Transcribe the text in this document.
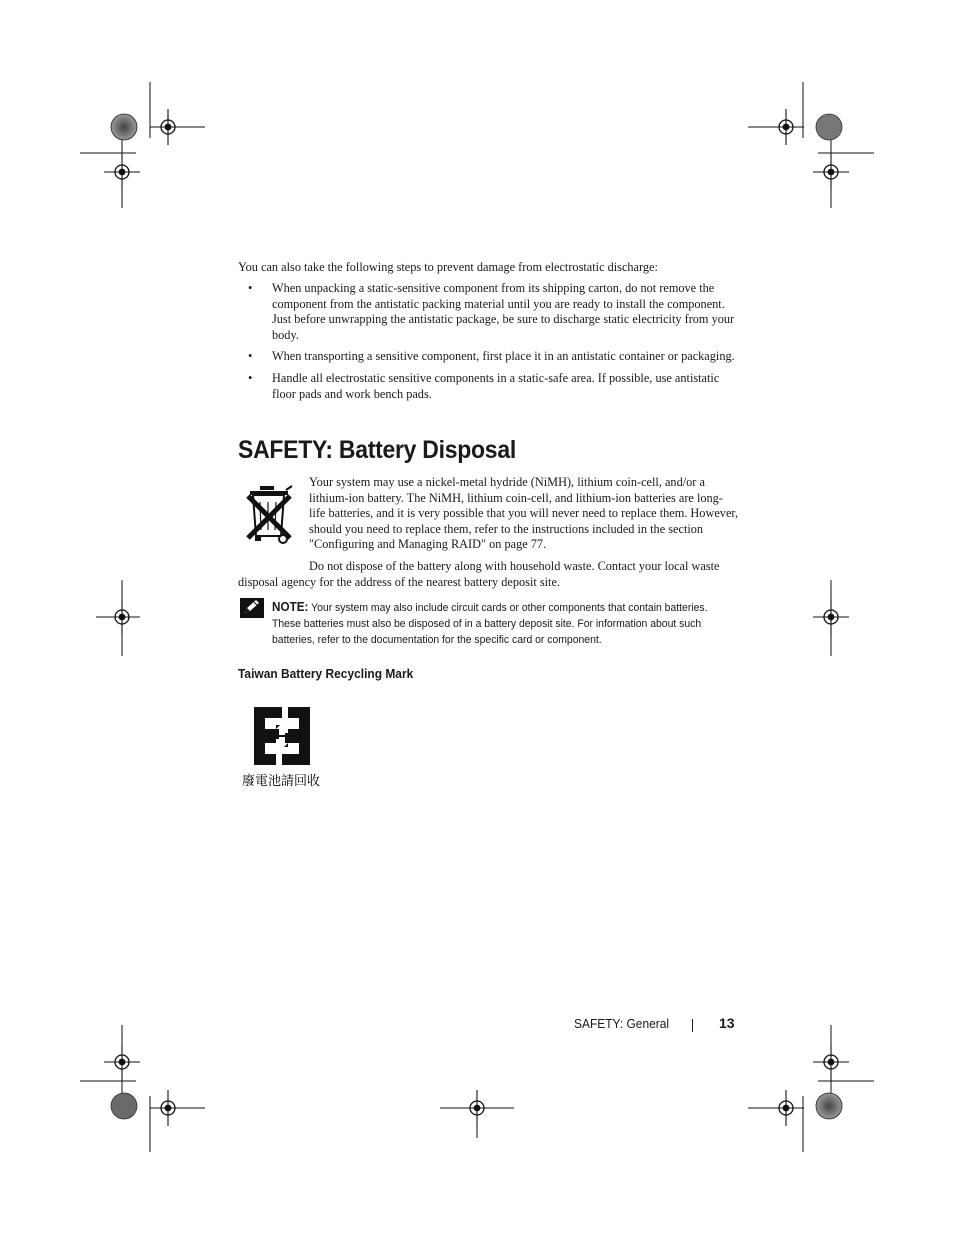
You can also take the following steps to prevent damage from electrostatic discharge:
• When unpacking a static-sensitive component from its shipping carton, do not remove the component from the antistatic packing material until you are ready to install the component. Just before unwrapping the antistatic package, be sure to discharge static electricity from your body.
• When transporting a sensitive component, first place it in an antistatic container or packaging.
• Handle all electrostatic sensitive components in a static-safe area. If possible, use antistatic floor pads and work bench pads.
SAFETY: Battery Disposal
Your system may use a nickel-metal hydride (NiMH), lithium coin-cell, and/or a lithium-ion battery. The NiMH, lithium coin-cell, and lithium-ion batteries are long-life batteries, and it is very possible that you will never need to replace them. However, should you need to replace them, refer to the instructions included in the section "Configuring and Managing RAID" on page 77.
Do not dispose of the battery along with household waste. Contact your local waste disposal agency for the address of the nearest battery deposit site.
NOTE: Your system may also include circuit cards or other components that contain batteries. These batteries must also be disposed of in a battery deposit site. For information about such batteries, refer to the documentation for the specific card or component.
Taiwan Battery Recycling Mark
廢電池請回收
SAFETY: General	13
